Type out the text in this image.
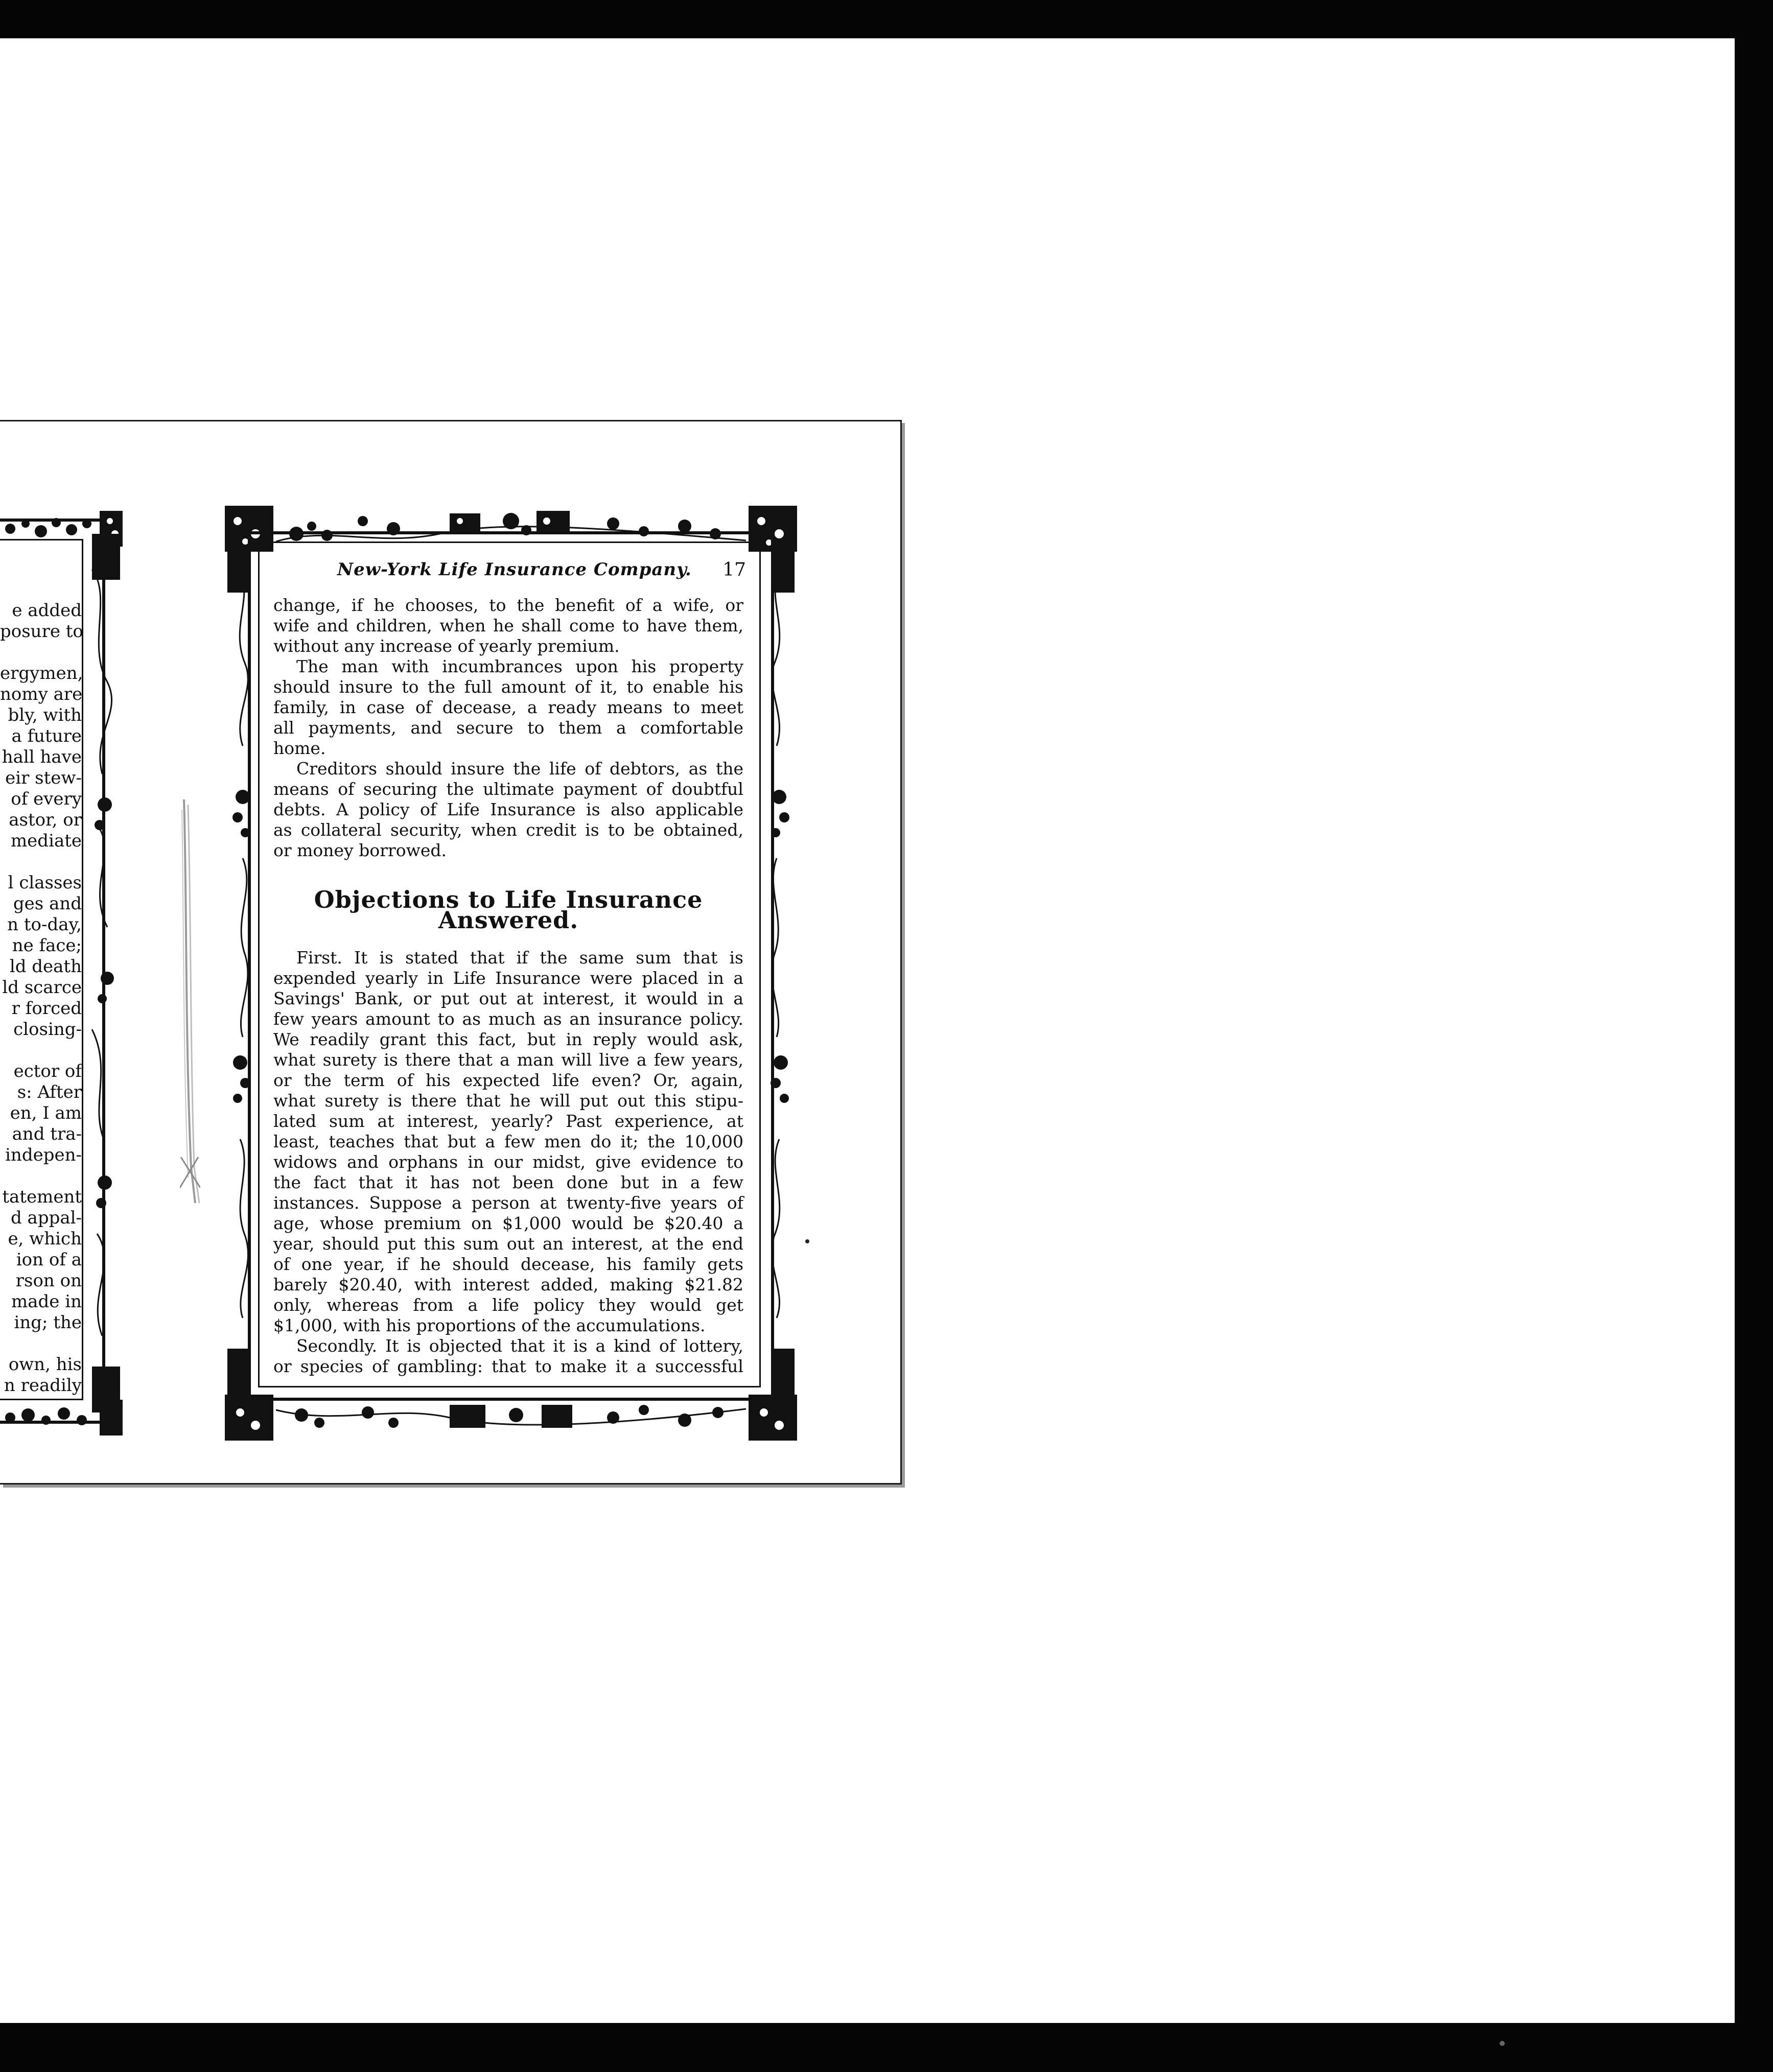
e added
posure to
ergymen,
nomy are
bly, with
a future
hall have
eir stew-
of every
astor, or
mediate
l classes
ges and
n to-day,
ne face;
ld death
ld scarce
r forced
closing-
ector of
s: After
en, I am
and tra-
indepen-
tatement
d appal-
e, which
ion of a
rson on
made in
ing; the
own, his
n readily
New-York Life Insurance Company. 17
change, if he chooses, to the benefit of a wife, or
wife and children, when he shall come to have them,
without any increase of yearly premium.
The man with incumbrances upon his property
should insure to the full amount of it, to enable his
family, in case of decease, a ready means to meet
all payments, and secure to them a comfortable
home.
Creditors should insure the life of debtors, as the
means of securing the ultimate payment of doubtful
debts. A policy of Life Insurance is also applicable
as collateral security, when credit is to be obtained,
or money borrowed.
Objections to Life Insurance Answered.
First. It is stated that if the same sum that is
expended yearly in Life Insurance were placed in a
Savings' Bank, or put out at interest, it would in a
few years amount to as much as an insurance policy.
We readily grant this fact, but in reply would ask,
what surety is there that a man will live a few years,
or the term of his expected life even? Or, again,
what surety is there that he will put out this stipu-
lated sum at interest, yearly? Past experience, at
least, teaches that but a few men do it; the 10,000
widows and orphans in our midst, give evidence to
the fact that it has not been done but in a few
instances. Suppose a person at twenty-five years of
age, whose premium on $1,000 would be $20.40 a
year, should put this sum out an interest, at the end
of one year, if he should decease, his family gets
barely $20.40, with interest added, making $21.82
only, whereas from a life policy they would get
$1,000, with his proportions of the accumulations.
Secondly. It is objected that it is a kind of lottery,
or species of gambling: that to make it a successful
